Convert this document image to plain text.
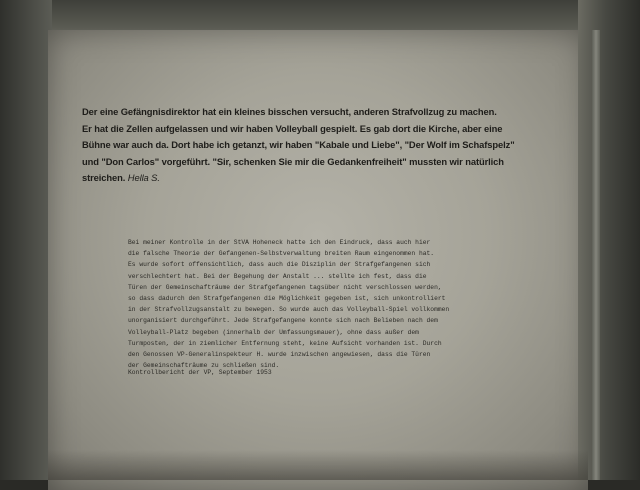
Der eine Gefängnisdirektor hat ein kleines bisschen versucht, anderen Strafvollzug zu machen.
Er hat die Zellen aufgelassen und wir haben Volleyball gespielt. Es gab dort die Kirche, aber eine
Bühne war auch da. Dort habe ich getanzt, wir haben "Kabale und Liebe", "Der Wolf im Schafspelz"
und "Don Carlos" vorgeführt. "Sir, schenken Sie mir die Gedankenfreiheit" mussten wir natürlich
streichen. Hella S.
Bei meiner Kontrolle in der StVA Hoheneck hatte ich den Eindruck, dass auch hier
die falsche Theorie der Gefangenen-Selbstverwaltung breiten Raum eingenommen hat.
Es wurde sofort offensichtlich, dass auch die Disziplin der Strafgefangenen sich
verschlechtert hat. Bei der Begehung der Anstalt ... stellte ich fest, dass die
Türen der Gemeinschafträume der Strafgefangenen tagsüber nicht verschlossen werden,
so dass dadurch den Strafgefangenen die Möglichkeit gegeben ist, sich unkontrolliert
in der Strafvollzugsanstalt zu bewegen. So wurde auch das Volleyball-Spiel vollkommen
unorganisiert durchgeführt. Jede Strafgefangene konnte sich nach Belieben nach dem
Volleyball-Platz begeben (innerhalb der Umfassungsmauer), ohne dass außer dem
Turmposten, der in ziemlicher Entfernung steht, keine Aufsicht vorhanden ist. Durch
den Genossen VP-Generalinspekteur H. wurde inzwischen angewiesen, dass die Türen
der Gemeinschafträume zu schließen sind.
Kontrollbericht der VP, September 1953
